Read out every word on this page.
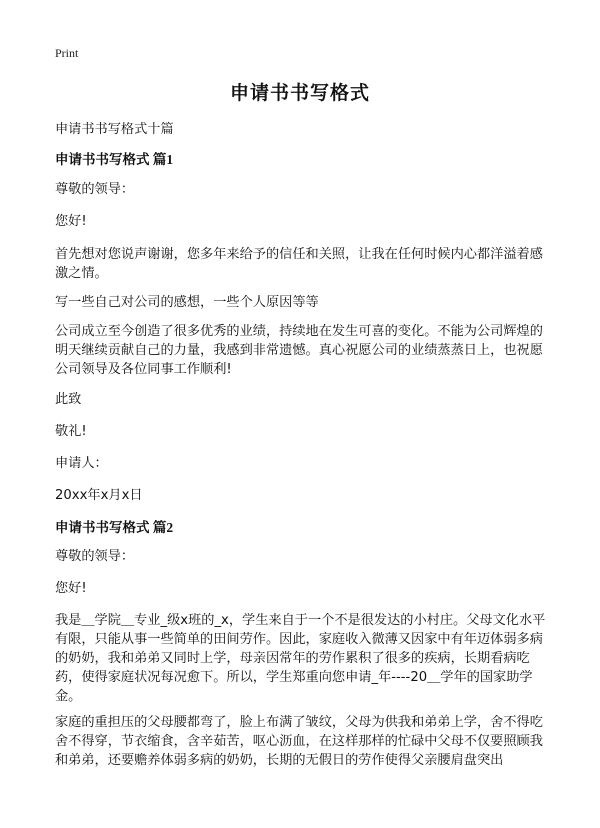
Print
申请书书写格式
申请书书写格式十篇
申请书书写格式 篇1
尊敬的领导：
您好!
首先想对您说声谢谢，您多年来给予的信任和关照，让我在任何时候内心都洋溢着感激之情。
写一些自己对公司的感想，一些个人原因等等
公司成立至今创造了很多优秀的业绩，持续地在发生可喜的变化。不能为公司辉煌的明天继续贡献自己的力量，我感到非常遗憾。真心祝愿公司的业绩蒸蒸日上，也祝愿公司领导及各位同事工作顺利!
此致
敬礼!
申请人：
20xx年x月x日
申请书书写格式 篇2
尊敬的领导：
您好!
我是＿学院＿专业_级x班的_x，学生来自于一个不是很发达的小村庄。父母文化水平有限，只能从事一些简单的田间劳作。因此，家庭收入微薄又因家中有年迈体弱多病的奶奶，我和弟弟又同时上学，母亲因常年的劳作累积了很多的疾病，长期看病吃药，使得家庭状况每况愈下。所以，学生郑重向您申请_年----20＿学年的国家助学金。
家庭的重担压的父母腰都弯了，脸上布满了皱纹，父母为供我和弟弟上学，舍不得吃舍不得穿，节衣缩食，含辛茹苦，呕心沥血，在这样那样的忙碌中父母不仅要照顾我和弟弟，还要赡养体弱多病的奶奶，长期的无假日的劳作使得父亲腰肩盘突出
